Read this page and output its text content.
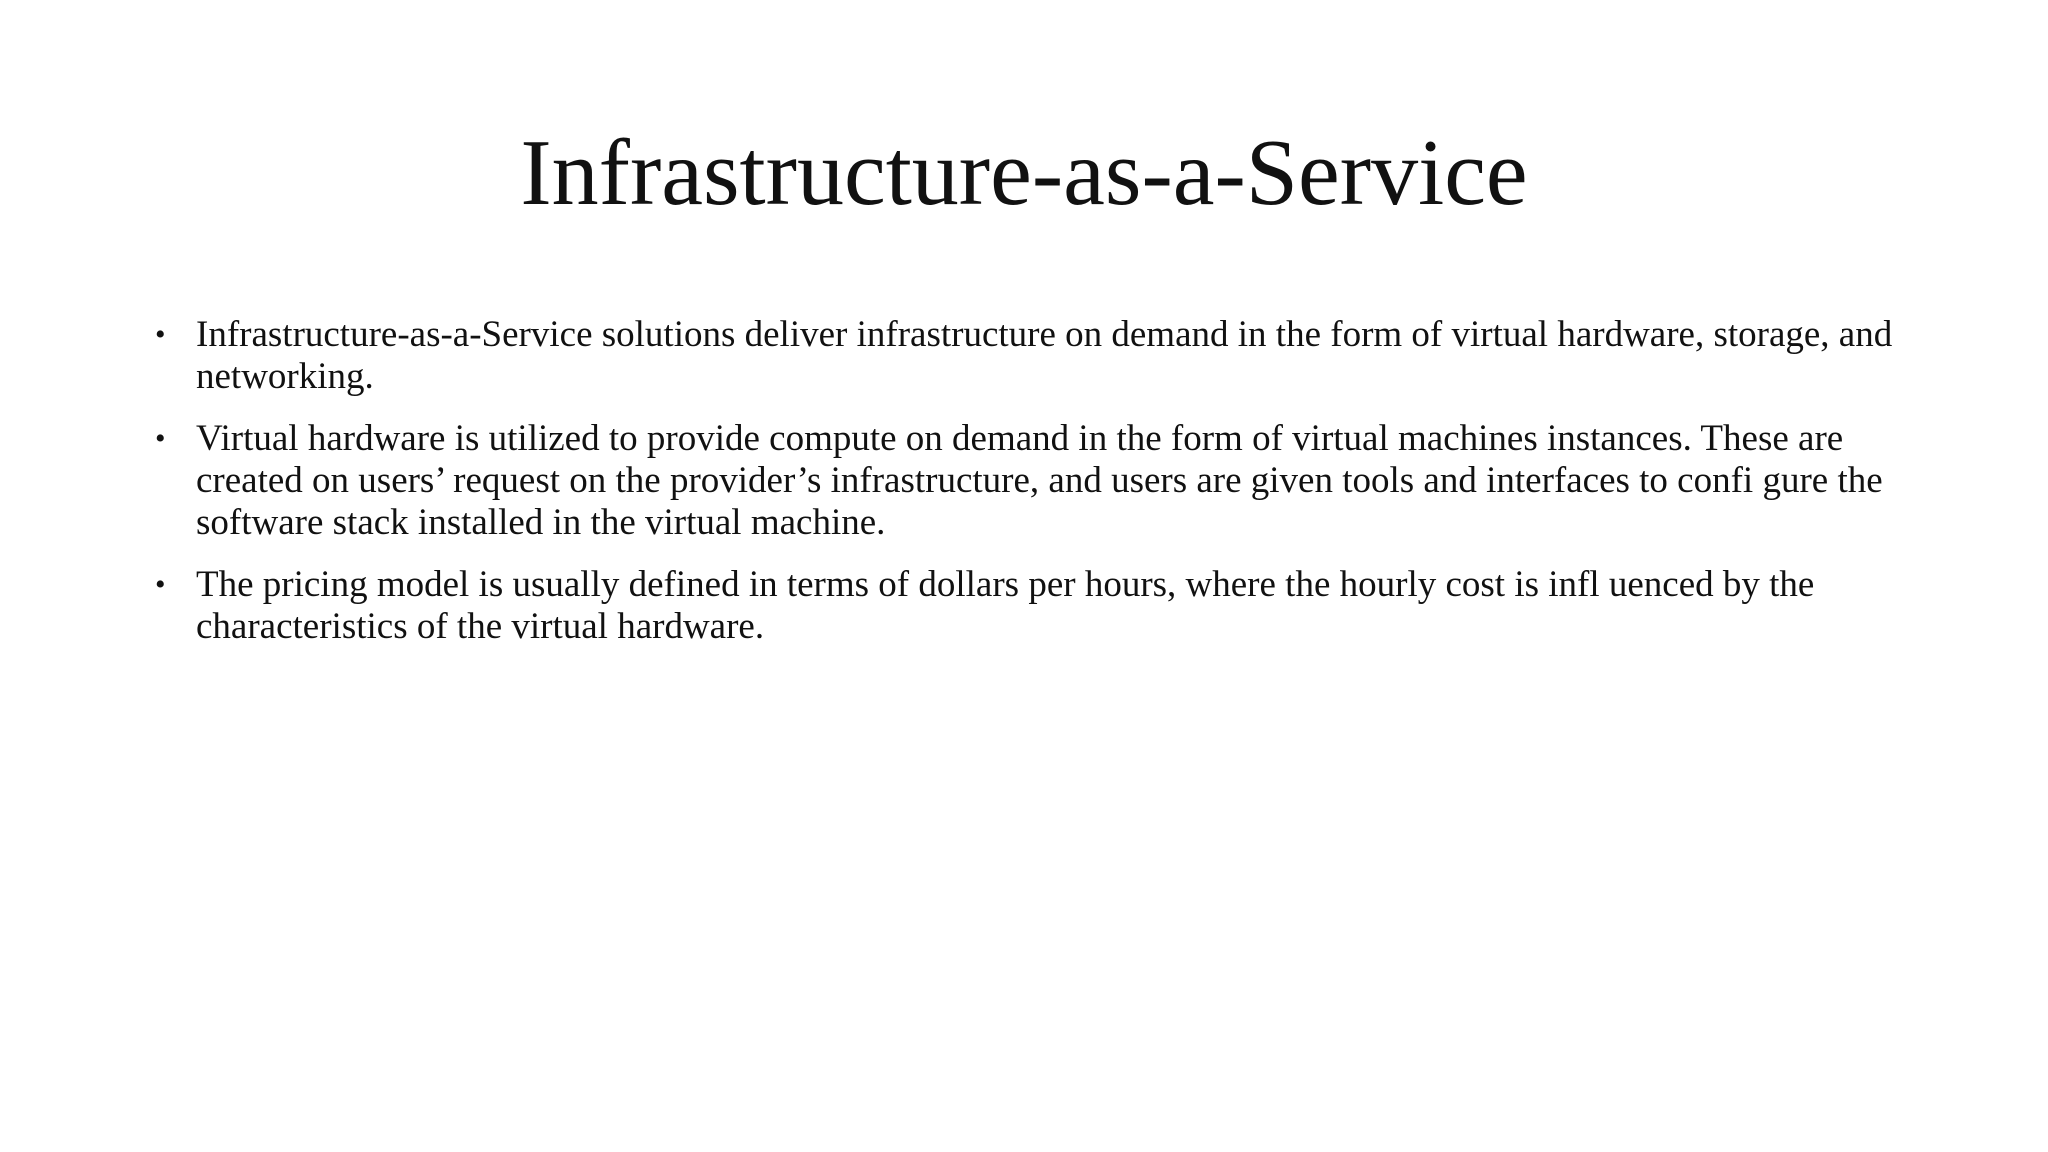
Infrastructure-as-a-Service
• Infrastructure-as-a-Service solutions deliver infrastructure on demand in the form of virtual hardware, storage, and networking.
• Virtual hardware is utilized to provide compute on demand in the form of virtual machines instances. These are created on users’ request on the provider’s infrastructure, and users are given tools and interfaces to confi gure the software stack installed in the virtual machine.
• The pricing model is usually defined in terms of dollars per hours, where the hourly cost is infl uenced by the characteristics of the virtual hardware.
